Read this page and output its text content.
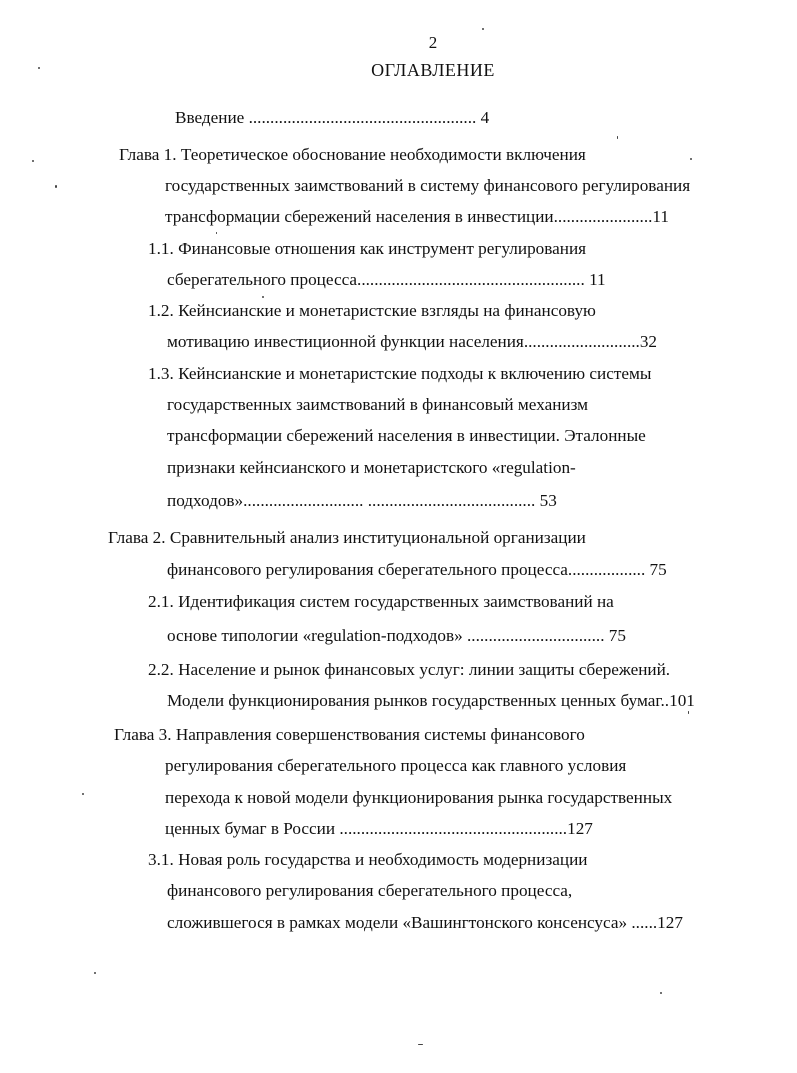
2
ОГЛАВЛЕНИЕ
Введение ..................................................... 4
Глава 1. Теоретическое обоснование необходимости включения
государственных заимствований в систему финансового регулирования
трансформации сбережений населения в инвестиции.......................11
1.1. Финансовые отношения как инструмент регулирования
сберегательного процесса..................................................... 11
1.2. Кейнсианские и монетаристские взгляды на финансовую
мотивацию инвестиционной функции населения...........................32
1.3. Кейнсианские и монетаристские подходы к включению системы
государственных заимствований в финансовый механизм
трансформации сбережений населения в инвестиции. Эталонные
признаки кейнсианского и монетаристского «regulation-
подходов»............................ ....................................... 53
Глава 2. Сравнительный анализ институциональной организации
финансового регулирования сберегательного процесса.................. 75
2.1. Идентификация систем государственных заимствований на
основе типологии «regulation-подходов» ................................ 75
2.2. Население и рынок финансовых услуг: линии защиты сбережений.
Модели функционирования рынков государственных ценных бумаг..101
Глава 3. Направления совершенствования системы финансового
регулирования сберегательного процесса как главного условия
перехода к новой модели функционирования рынка государственных
ценных бумаг в России .....................................................127
3.1. Новая роль государства и необходимость модернизации
финансового регулирования сберегательного процесса,
сложившегося в рамках модели «Вашингтонского консенсуса» ......127
